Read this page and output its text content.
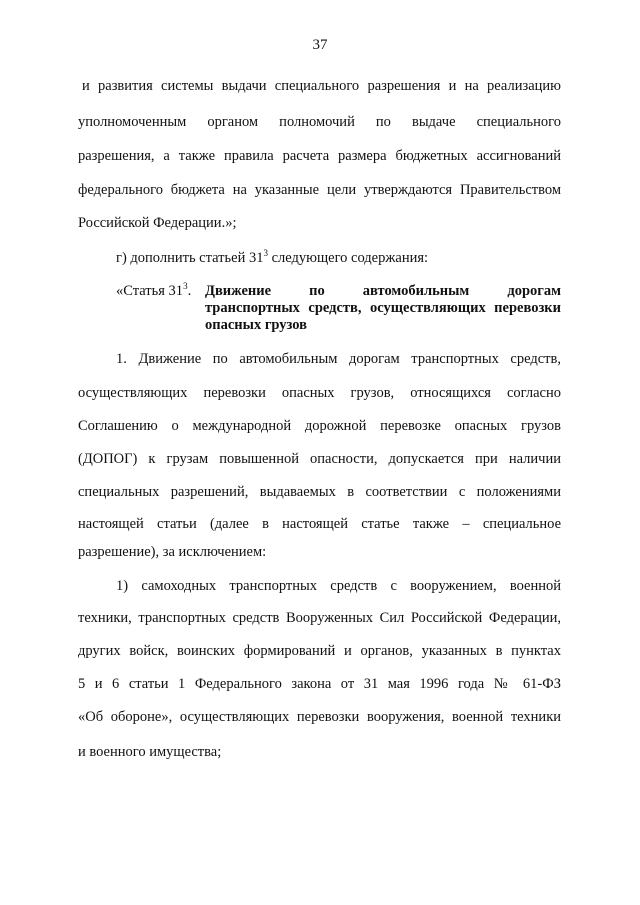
37
и развития системы выдачи специального разрешения и на реализацию
уполномоченным органом полномочий по выдаче специального
разрешения, а также правила расчета размера бюджетных ассигнований
федерального бюджета на указанные цели утверждаются Правительством
Российской Федерации.»;
г) дополнить статьей $31^3$ следующего содержания:
«Статья $31^3$. Движение по автомобильным дорогам
транспортных средств, осуществляющих перевозки
опасных грузов
1. Движение по автомобильным дорогам транспортных средств,
осуществляющих перевозки опасных грузов, относящихся согласно
Соглашению о международной дорожной перевозке опасных грузов
(ДОПОГ) к грузам повышенной опасности, допускается при наличии
специальных разрешений, выдаваемых в соответствии с положениями
настоящей статьи (далее в настоящей статье также – специальное
разрешение), за исключением:
1) самоходных транспортных средств с вооружением, военной
техники, транспортных средств Вооруженных Сил Российской Федерации,
других войск, воинских формирований и органов, указанных в пунктах
5 и 6 статьи 1 Федерального закона от 31 мая 1996 года № 61-ФЗ
«Об обороне», осуществляющих перевозки вооружения, военной техники
и военного имущества;
